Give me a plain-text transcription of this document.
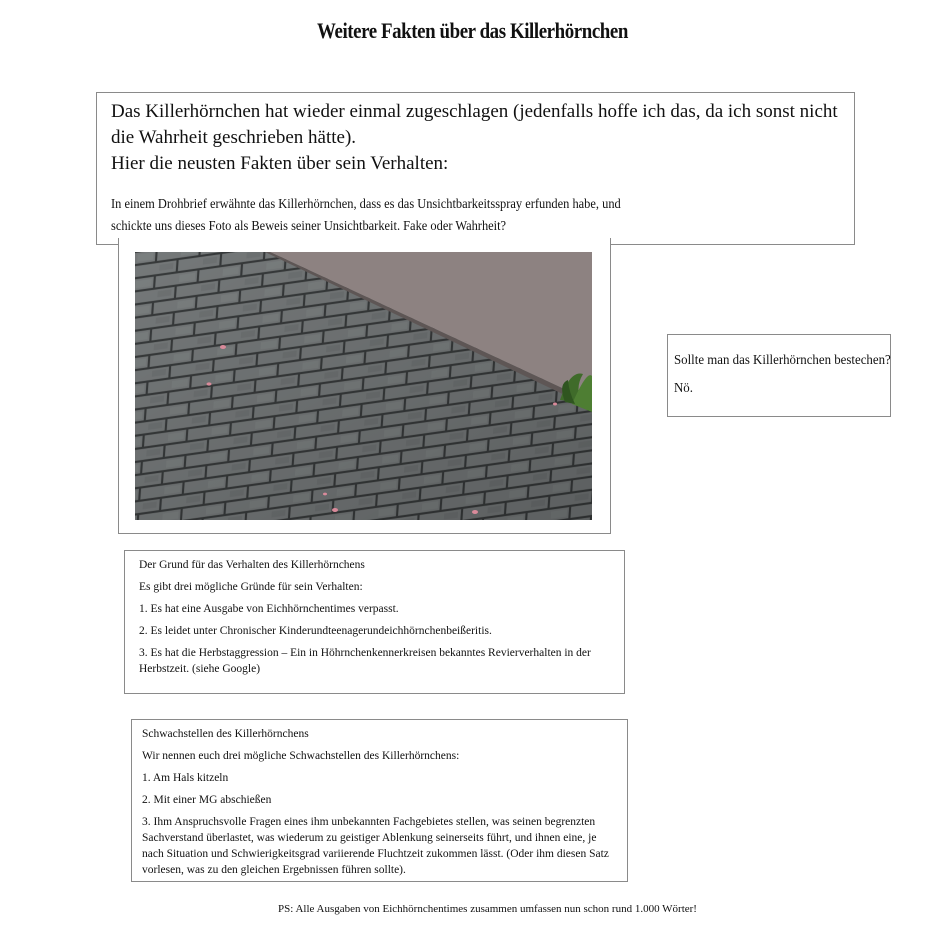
Weitere Fakten über das Killerhörnchen
Das Killerhörnchen hat wieder einmal zugeschlagen (jedenfalls hoffe ich das, da ich sonst nicht die Wahrheit geschrieben hätte).
Hier die neusten Fakten über sein Verhalten:
In einem Drohbrief erwähnte das Killerhörnchen, dass es das Unsichtbarkeitsspray erfunden habe, und schickte uns dieses Foto als Beweis seiner Unsichtbarkeit. Fake oder Wahrheit?

Sollte man das Killerhörnchen bestechen?

Nö.

Der Grund für das Verhalten des Killerhörnchens

Es gibt drei mögliche Gründe für sein Verhalten:

1. Es hat eine Ausgabe von Eichhörnchentimes verpasst.

2. Es leidet unter Chronischer Kinderundteenagerundeichhörnchenbeißeritis.

3. Es hat die Herbstaggression – Ein in Höhrnchenkennerkreisen bekanntes Revierverhalten in der Herbstzeit. (siehe Google)

Schwachstellen des Killerhörnchens

Wir nennen euch drei mögliche Schwachstellen des Killerhörnchens:

1. Am Hals kitzeln

2. Mit einer MG abschießen

3. Ihm Anspruchsvolle Fragen eines ihm unbekannten Fachgebietes stellen, was seinen begrenzten Sachverstand überlastet, was wiederum zu geistiger Ablenkung seinerseits führt, und ihnen eine, je nach Situation und Schwierigkeitsgrad variierende Fluchtzeit zukommen lässt. (Oder ihm diesen Satz vorlesen, was zu den gleichen Ergebnissen führen sollte).

PS: Alle Ausgaben von Eichhörnchentimes zusammen umfassen nun schon rund 1.000 Wörter!
